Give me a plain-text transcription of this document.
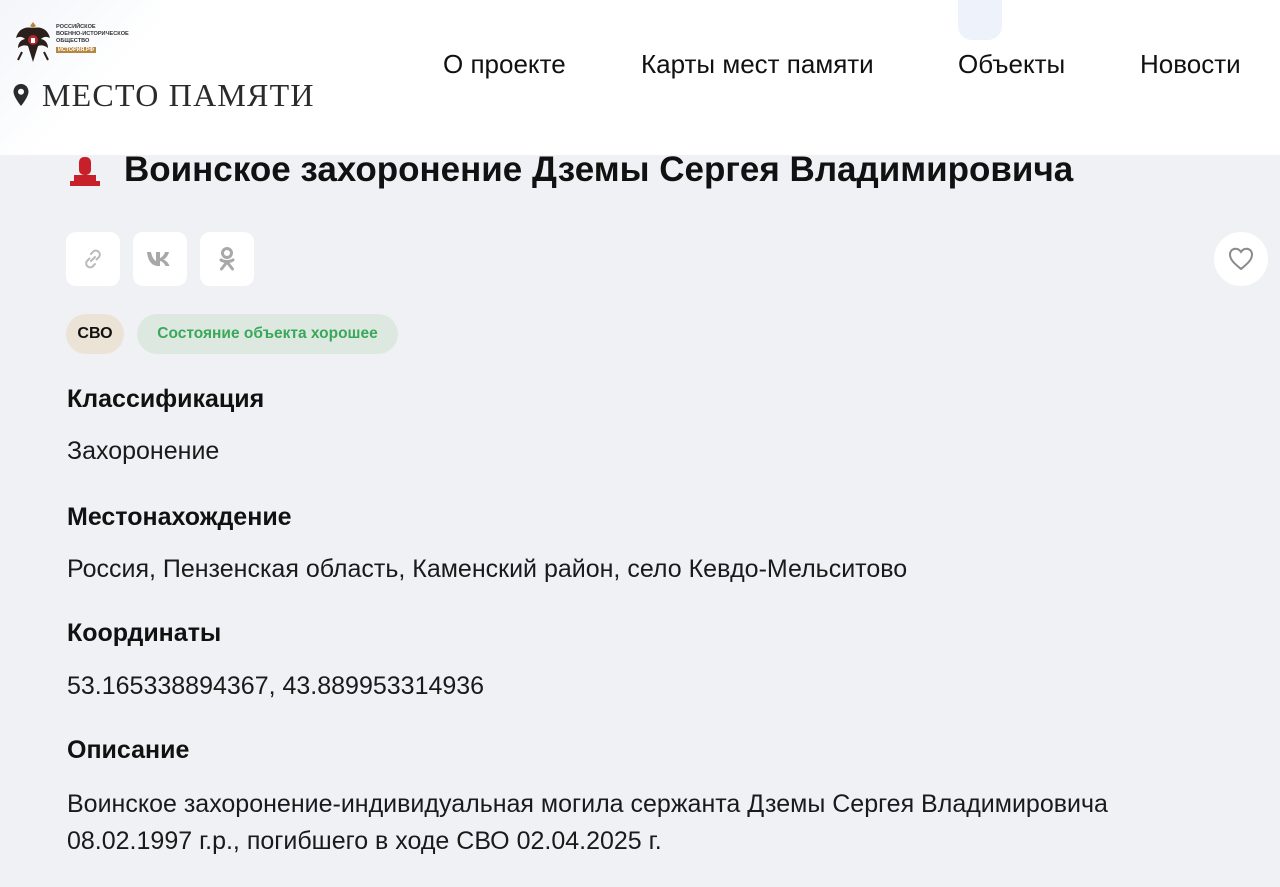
РОССИЙСКОЕ
ВОЕННО-ИСТОРИЧЕСКОЕ
ОБЩЕСТВО
ИСТОРИЯ.РФ
МЕСТО ПАМЯТИ
О проекте	Карты мест памяти	Объекты	Новости
Воинское захоронение Дземы Сергея Владимировича
СВО	Состояние объекта хорошее
Классификация
Захоронение
Местонахождение
Россия, Пензенская область, Каменский район, село Кевдо-Мельситово
Координаты
53.165338894367, 43.889953314936
Описание
Воинское захоронение-индивидуальная могила сержанта Дземы Сергея Владимировича
08.02.1997 г.р., погибшего в ходе СВО 02.04.2025 г.
